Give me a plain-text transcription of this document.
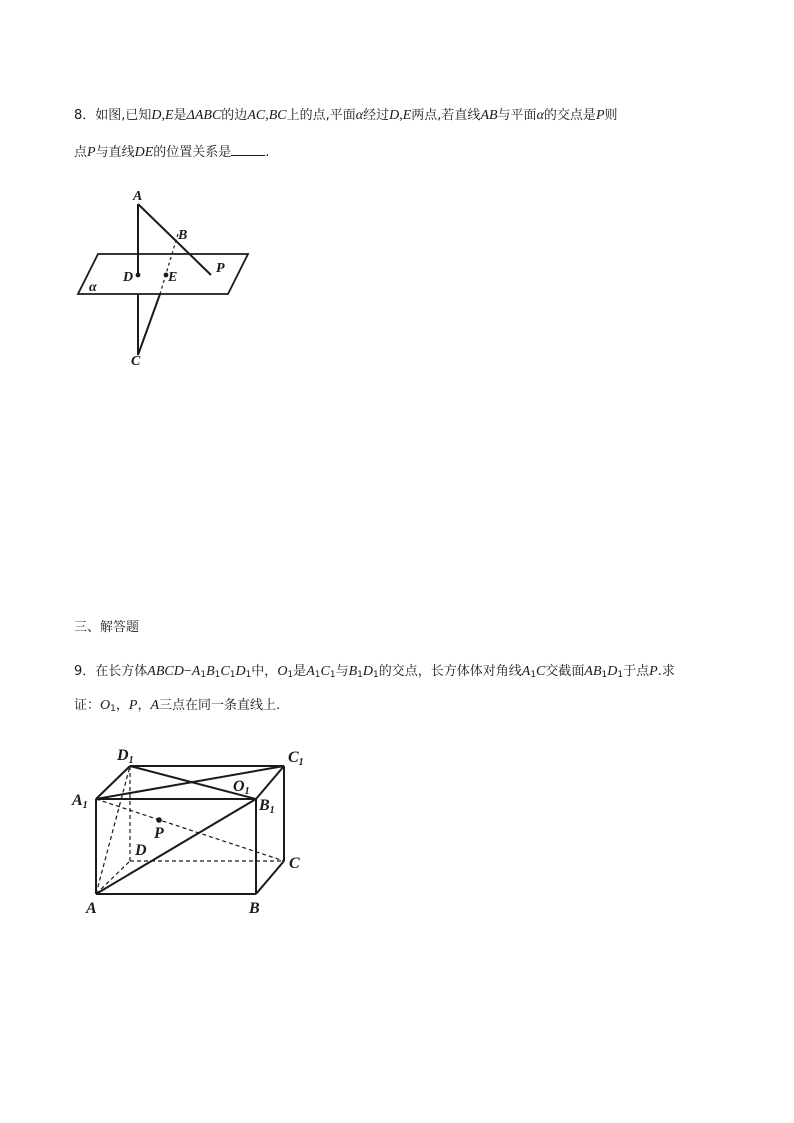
8．如图,已知D,E是ΔABC的边AC,BC上的点,平面α经过D,E两点,若直线AB与平面α的交点是P则
点P与直线DE的位置关系是	.
A
B
P
D E
α
C
三、解答题
9．在长方体$ABCD-A_1B_1C_1D_1$中，$O_1$是$A_1C_1$与$B_1D_1$的交点，长方体体对角线$A_1C$交截面$AB_1D_1$于点P.求
证：$O_1$，P，A三点在同一条直线上.
D1	C1
O1
A1	B1
P
D
C
A	B
